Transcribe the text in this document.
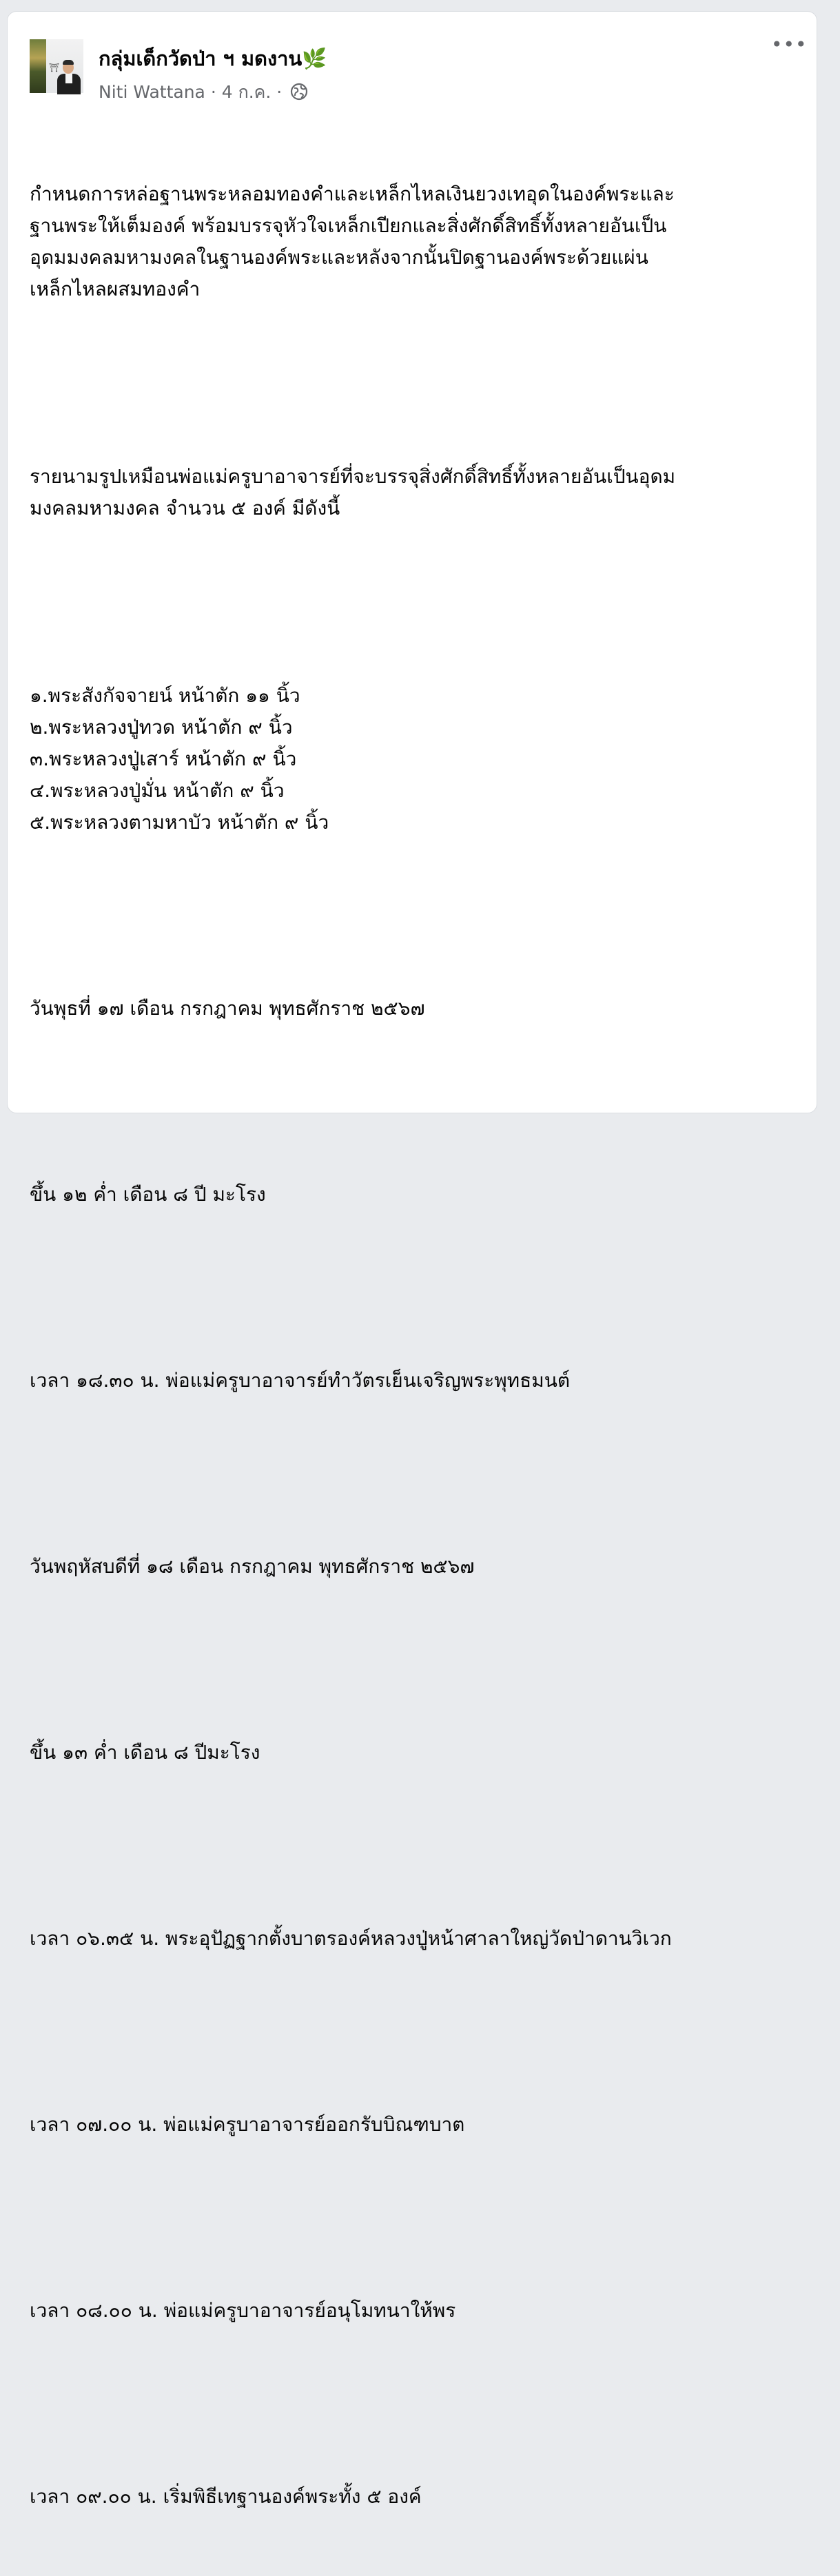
⛩ กลุ่มเด็กวัดป่า ฯ มดงาน🌿
Niti Wattana · 4 ก.ค. ·
•••

กำหนดการหล่อฐานพระหลอมทองคำและเหล็กไหลเงินยวงเทอุดในองค์พระและ
ฐานพระให้เต็มองค์ พร้อมบรรจุหัวใจเหล็กเปียกและสิ่งศักดิ์สิทธิ์ทั้งหลายอันเป็น
อุดมมงคลมหามงคลในฐานองค์พระและหลังจากนั้นปิดฐานองค์พระด้วยแผ่น
เหล็กไหลผสมทองคำ

รายนามรูปเหมือนพ่อแม่ครูบาอาจารย์ที่จะบรรจุสิ่งศักดิ์สิทธิ์ทั้งหลายอันเป็นอุดม
มงคลมหามงคล จำนวน ๕ องค์ มีดังนี้

๑.พระสังกัจจายน์ หน้าตัก ๑๑ นิ้ว
๒.พระหลวงปู่ทวด หน้าตัก ๙ นิ้ว
๓.พระหลวงปู่เสาร์ หน้าตัก ๙ นิ้ว
๔.พระหลวงปู่มั่น หน้าตัก ๙ นิ้ว
๕.พระหลวงตามหาบัว หน้าตัก ๙ นิ้ว

วันพุธที่ ๑๗ เดือน กรกฎาคม พุทธศักราช ๒๕๖๗

ขึ้น ๑๒ ค่ำ เดือน ๘ ปี มะโรง

เวลา ๑๘.๓๐ น. พ่อแม่ครูบาอาจารย์ทำวัตรเย็นเจริญพระพุทธมนต์

วันพฤหัสบดีที่ ๑๘ เดือน กรกฎาคม พุทธศักราช ๒๕๖๗

ขึ้น ๑๓ ค่ำ เดือน ๘ ปีมะโรง

เวลา ๐๖.๓๕ น. พระอุปัฏฐากตั้งบาตรองค์หลวงปู่หน้าศาลาใหญ่วัดป่าดานวิเวก

เวลา ๐๗.๐๐ น. พ่อแม่ครูบาอาจารย์ออกรับบิณฑบาต

เวลา ๐๘.๐๐ น. พ่อแม่ครูบาอาจารย์อนุโมทนาให้พร

เวลา ๐๙.๐๐ น. เริ่มพิธีเทฐานองค์พระทั้ง ๕ องค์
